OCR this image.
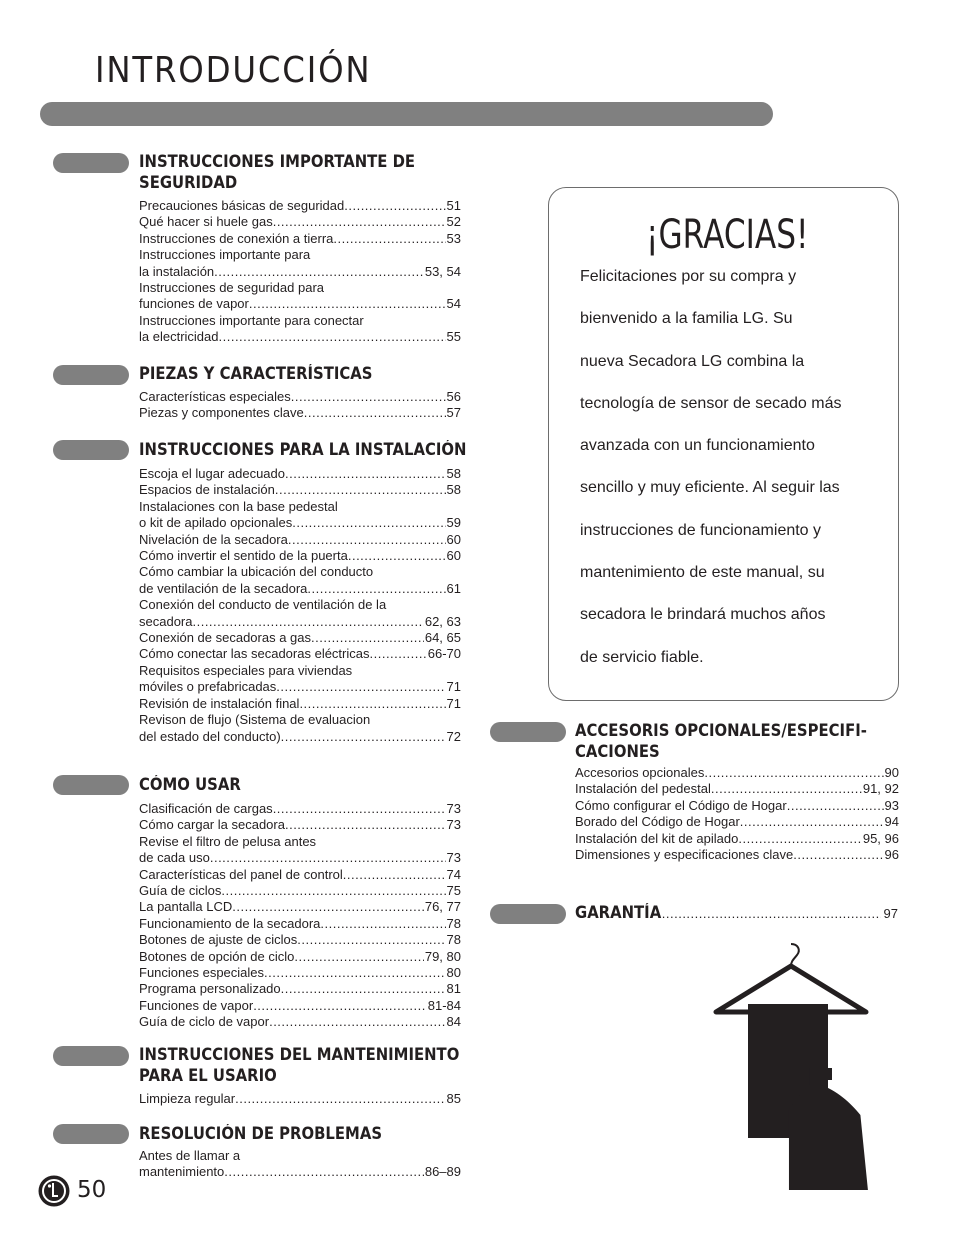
INTRODUCCIÓN
INSTRUCCIONES IMPORTANTE DE
SEGURIDAD
Precauciones básicas de seguridad .....	51
Qué hacer si huele gas .....	52
Instrucciones de conexión a tierra .....	53
Instrucciones importante para
la instalación .....	53, 54
Instrucciones de seguridad para
funciones de vapor .....	54
Instrucciones importante para conectar
la electricidad .....	55
PIEZAS Y CARACTERÍSTICAS
Características especiales .....	56
Piezas y componentes clave .....	57
INSTRUCCIONES PARA LA INSTALACIÓN
Escoja el lugar adecuado .....	58
Espacios de instalación .....	58
Instalaciones con la base pedestal
o kit de apilado opcionales .....	59
Nivelación de la secadora .....	60
Cómo invertir el sentido de la puerta .....	60
Cómo cambiar la ubicación del conducto
de ventilación de la secadora .....	61
Conexión del conducto de ventilación de la
secadora .....	62, 63
Conexión de secadoras a gas .....	64, 65
Cómo conectar las secadoras eléctricas .....	66-70
Requisitos especiales para viviendas
móviles o prefabricadas .....	71
Revisión de instalación final .....	71
Revison de flujo (Sistema de evaluacion
del estado del conducto) .....	72
CÓMO USAR
Clasificación de cargas .....	73
Cómo cargar la secadora .....	73
Revise el filtro de pelusa antes
de cada uso .....	73
Características del panel de control .....	74
Guía de ciclos .....	75
La pantalla LCD .....	76, 77
Funcionamiento de la secadora .....	78
Botones de ajuste de ciclos .....	78
Botones de opción de ciclo .....	79, 80
Funciones especiales .....	80
Programa personalizado .....	81
Funciones de vapor .....	81-84
Guía de ciclo de vapor .....	84
INSTRUCCIONES DEL MANTENIMIENTO
PARA EL USARIO
Limpieza regular .....	85
RESOLUCIÓN DE PROBLEMAS
Antes de llamar a
mantenimiento .....	86–89
¡GRACIAS!
Felicitaciones por su compra y
bienvenido a la familia LG. Su
nueva Secadora LG combina la
tecnología de sensor de secado más
avanzada con un funcionamiento
sencillo y muy eficiente. Al seguir las
instrucciones de funcionamiento y
mantenimiento de este manual, su
secadora le brindará muchos años
de servicio fiable.
ACCESORIS OPCIONALES/ESPECIFI-
CACIONES
Accesorios opcionales .....	90
Instalación del pedestal .....	91, 92
Cómo configurar el Código de Hogar .....	93
Borado del Código de Hogar .....	94
Instalación del kit de apilado .....	95, 96
Dimensiones y especificaciones clave .....	96
GARANTÍA .....	97
50
